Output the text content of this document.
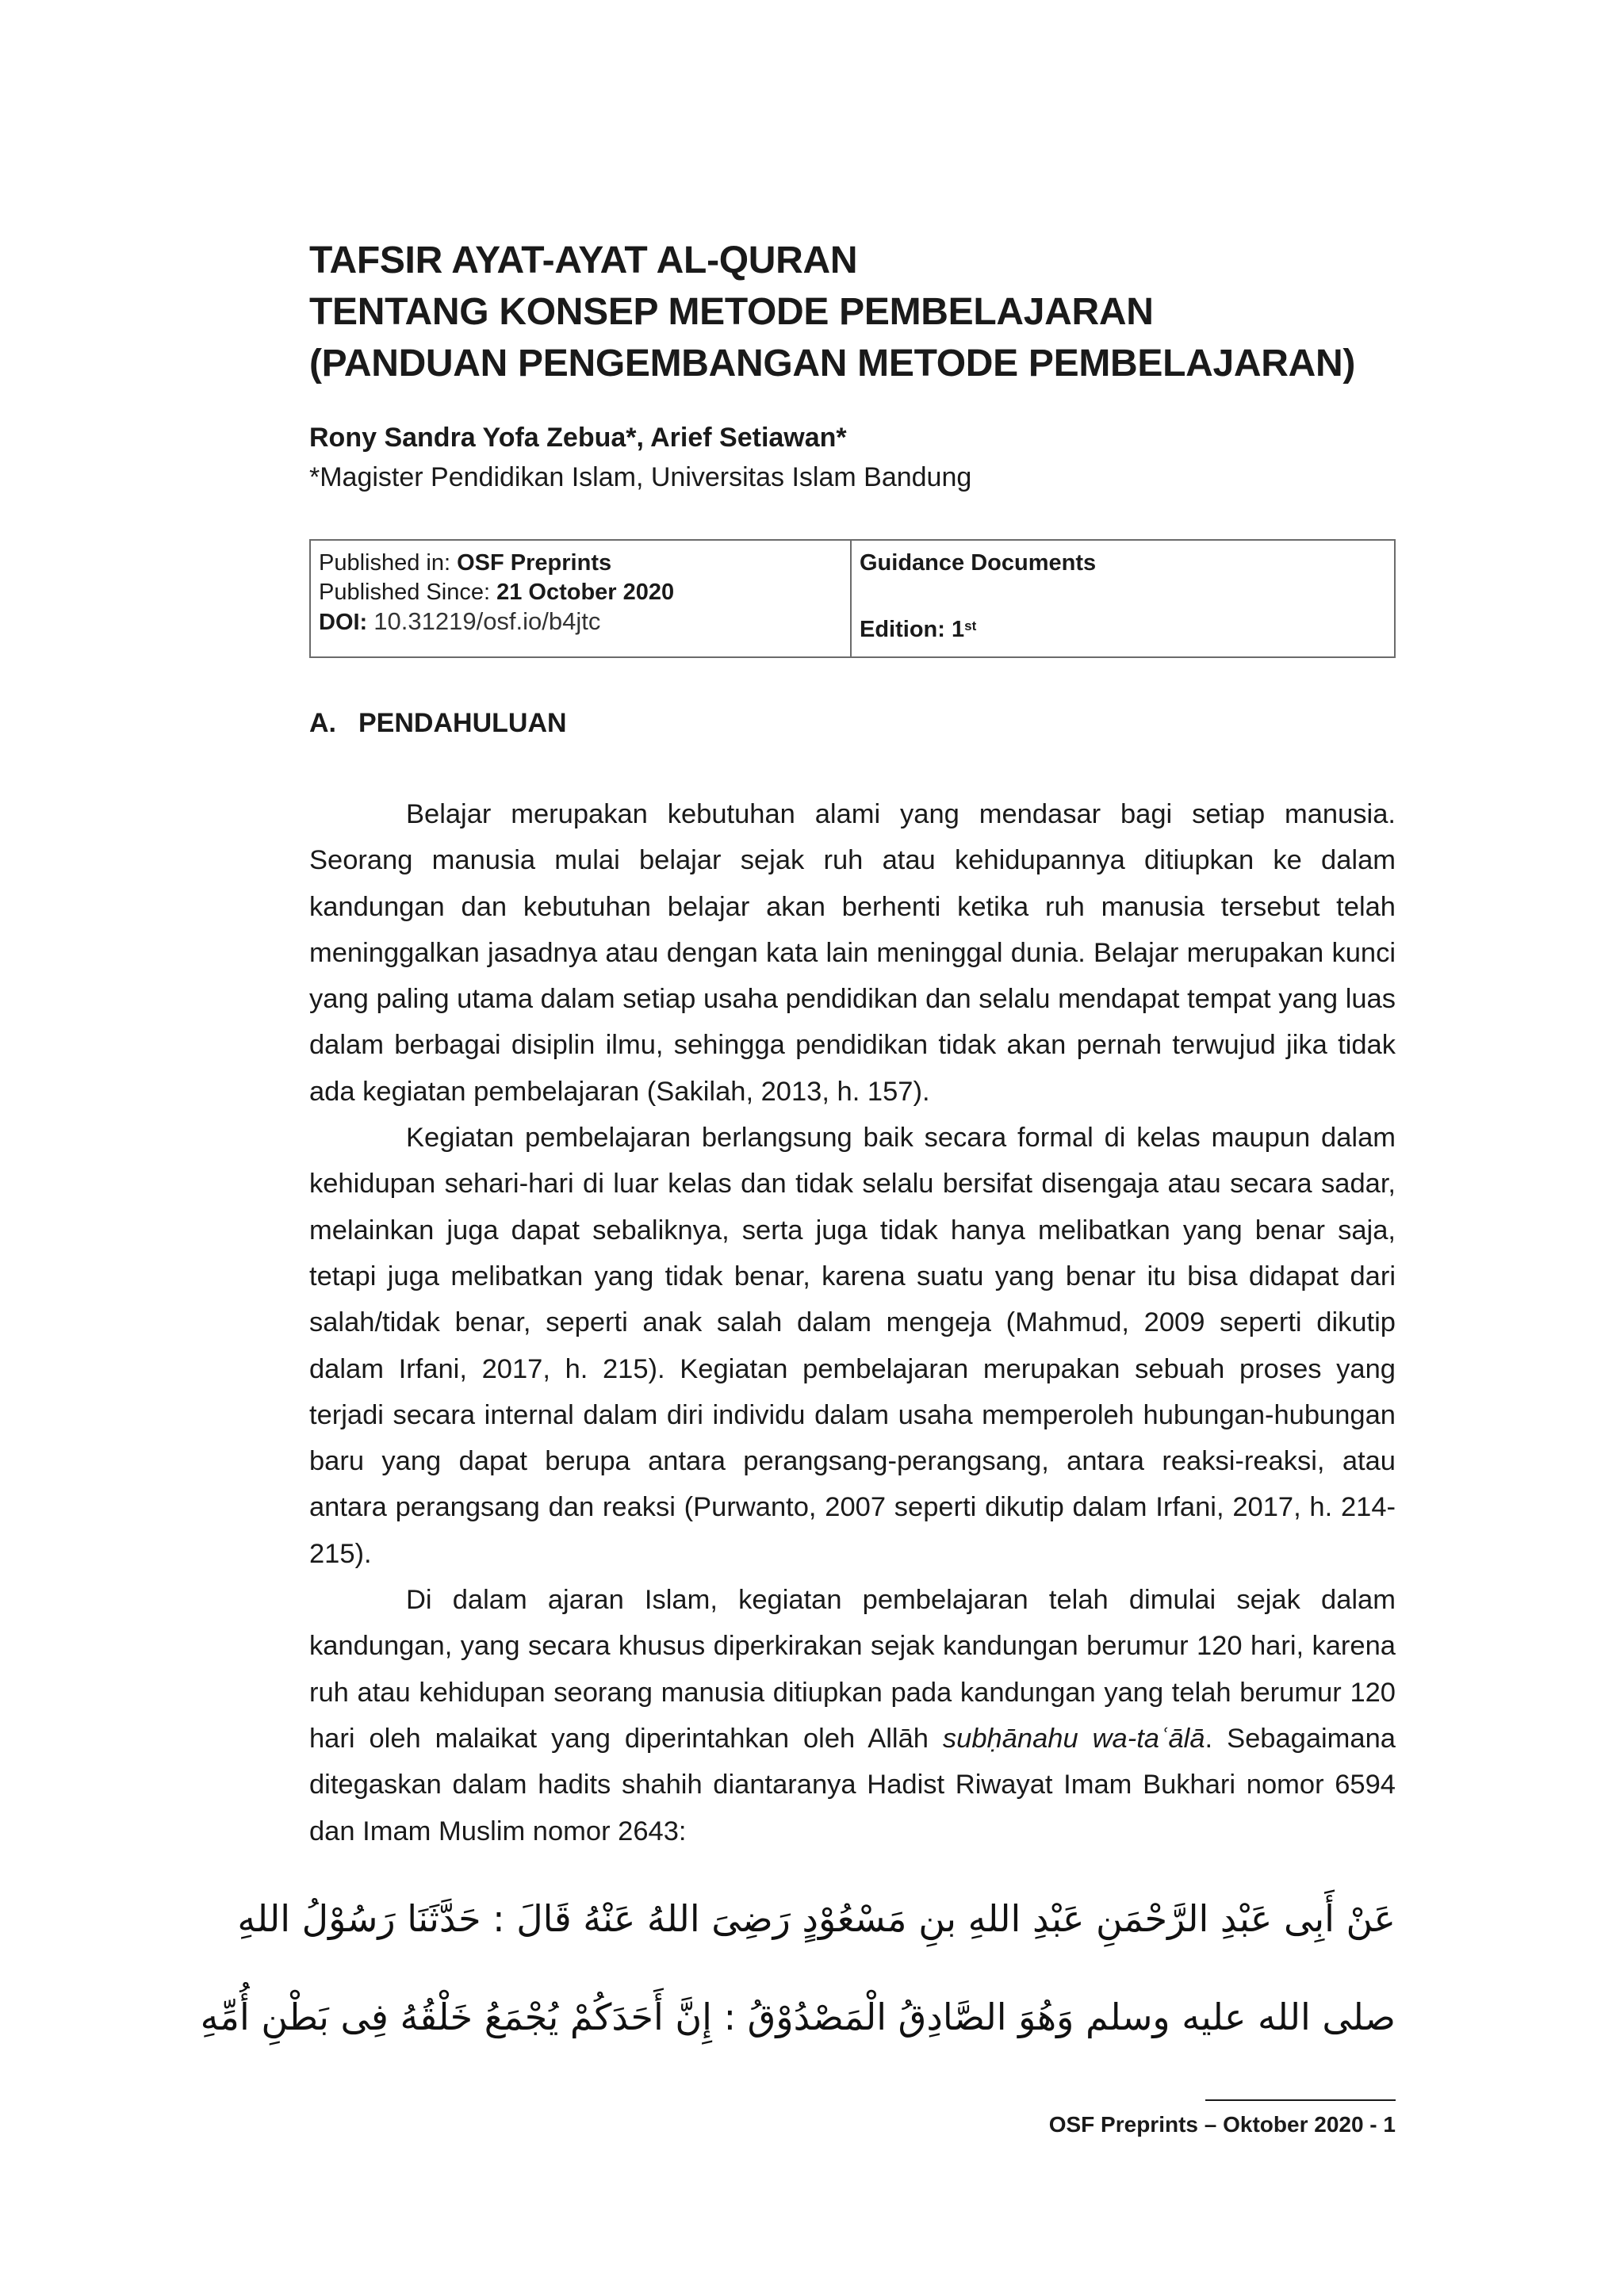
TAFSIR AYAT-AYAT AL-QURAN
TENTANG KONSEP METODE PEMBELAJARAN
(PANDUAN PENGEMBANGAN METODE PEMBELAJARAN)
Rony Sandra Yofa Zebua*, Arief Setiawan*
*Magister Pendidikan Islam, Universitas Islam Bandung
Published in: OSF Preprints
Published Since: 21 October 2020
DOI: 10.31219/osf.io/b4jtc
Guidance Documents
Edition: 1st
A. PENDAHULUAN

Belajar merupakan kebutuhan alami yang mendasar bagi setiap manusia. Seorang manusia mulai belajar sejak ruh atau kehidupannya ditiupkan ke dalam kandungan dan kebutuhan belajar akan berhenti ketika ruh manusia tersebut telah meninggalkan jasadnya atau dengan kata lain meninggal dunia. Belajar merupakan kunci yang paling utama dalam setiap usaha pendidikan dan selalu mendapat tempat yang luas dalam berbagai disiplin ilmu, sehingga pendidikan tidak akan pernah terwujud jika tidak ada kegiatan pembelajaran (Sakilah, 2013, h. 157).

Kegiatan pembelajaran berlangsung baik secara formal di kelas maupun dalam kehidupan sehari-hari di luar kelas dan tidak selalu bersifat disengaja atau secara sadar, melainkan juga dapat sebaliknya, serta juga tidak hanya melibatkan yang benar saja, tetapi juga melibatkan yang tidak benar, karena suatu yang benar itu bisa didapat dari salah/tidak benar, seperti anak salah dalam mengeja (Mahmud, 2009 seperti dikutip dalam Irfani, 2017, h. 215). Kegiatan pembelajaran merupakan sebuah proses yang terjadi secara internal dalam diri individu dalam usaha memperoleh hubungan-hubungan baru yang dapat berupa antara perangsang-perangsang, antara reaksi-reaksi, atau antara perangsang dan reaksi (Purwanto, 2007 seperti dikutip dalam Irfani, 2017, h. 214-215).

Di dalam ajaran Islam, kegiatan pembelajaran telah dimulai sejak dalam kandungan, yang secara khusus diperkirakan sejak kandungan berumur 120 hari, karena ruh atau kehidupan seorang manusia ditiupkan pada kandungan yang telah berumur 120 hari oleh malaikat yang diperintahkan oleh Allāh subḥānahu wa-taʿālā. Sebagaimana ditegaskan dalam hadits shahih diantaranya Hadist Riwayat Imam Bukhari nomor 6594 dan Imam Muslim nomor 2643:

عَنْ أَبِى عَبْدِ الرَّحْمَنِ عَبْدِ اللهِ بنِ مَسْعُوْدٍ رَضِىَ اللهُ عَنْهُ قَالَ : حَدَّثَنَا رَسُوْلُ اللهِ
صلى الله عليه وسلم وَهُوَ الصَّادِقُ الْمَصْدُوْقُ : إِنَّ أَحَدَكُمْ يُجْمَعُ خَلْقُهُ فِى بَطْنِ أُمِّهِ
OSF Preprints – Oktober 2020 - 1
